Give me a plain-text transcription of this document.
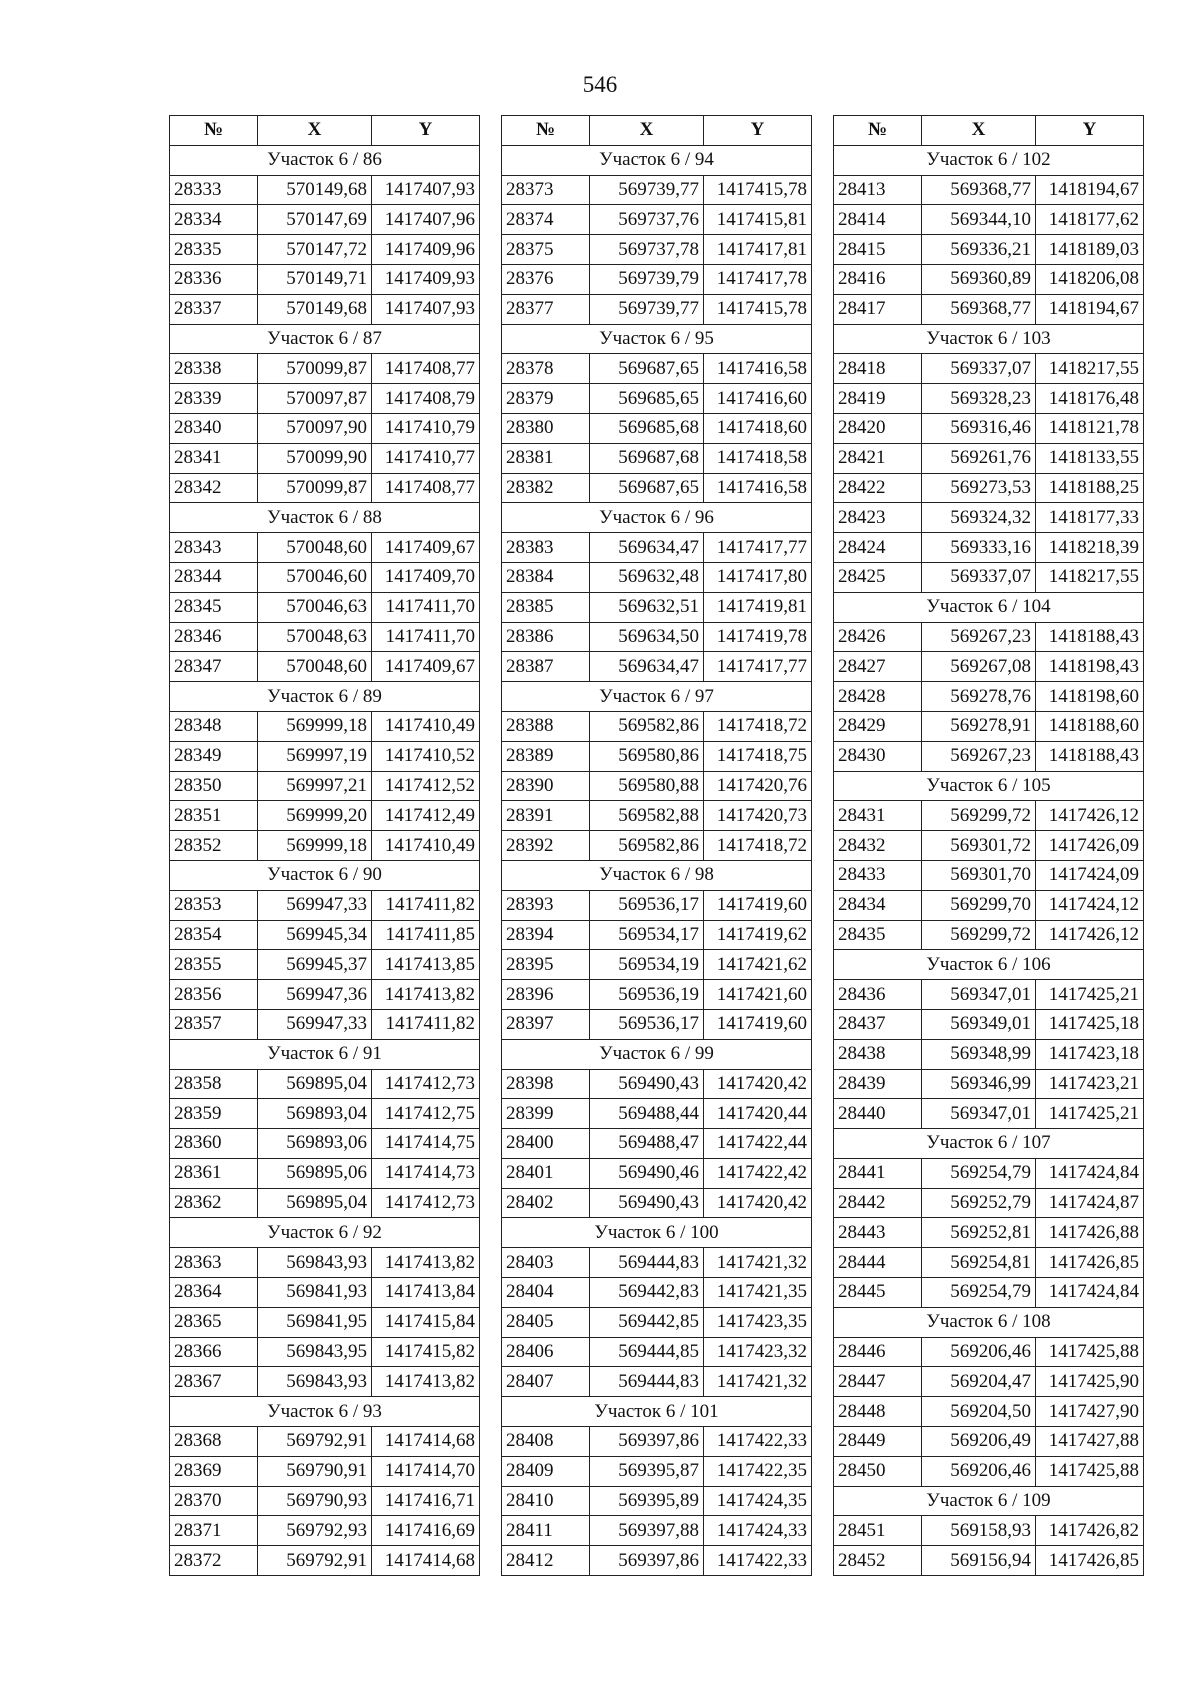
546
№	X	Y
Участок 6 / 86		
28333	570149,68	1417407,93
28334	570147,69	1417407,96
28335	570147,72	1417409,96
28336	570149,71	1417409,93
28337	570149,68	1417407,93
Участок 6 / 87		
28338	570099,87	1417408,77
28339	570097,87	1417408,79
28340	570097,90	1417410,79
28341	570099,90	1417410,77
28342	570099,87	1417408,77
Участок 6 / 88		
28343	570048,60	1417409,67
28344	570046,60	1417409,70
28345	570046,63	1417411,70
28346	570048,63	1417411,70
28347	570048,60	1417409,67
Участок 6 / 89		
28348	569999,18	1417410,49
28349	569997,19	1417410,52
28350	569997,21	1417412,52
28351	569999,20	1417412,49
28352	569999,18	1417410,49
Участок 6 / 90		
28353	569947,33	1417411,82
28354	569945,34	1417411,85
28355	569945,37	1417413,85
28356	569947,36	1417413,82
28357	569947,33	1417411,82
Участок 6 / 91		
28358	569895,04	1417412,73
28359	569893,04	1417412,75
28360	569893,06	1417414,75
28361	569895,06	1417414,73
28362	569895,04	1417412,73
Участок 6 / 92		
28363	569843,93	1417413,82
28364	569841,93	1417413,84
28365	569841,95	1417415,84
28366	569843,95	1417415,82
28367	569843,93	1417413,82
Участок 6 / 93		
28368	569792,91	1417414,68
28369	569790,91	1417414,70
28370	569790,93	1417416,71
28371	569792,93	1417416,69
28372	569792,91	1417414,68
№	X	Y
Участок 6 / 94		
28373	569739,77	1417415,78
28374	569737,76	1417415,81
28375	569737,78	1417417,81
28376	569739,79	1417417,78
28377	569739,77	1417415,78
Участок 6 / 95		
28378	569687,65	1417416,58
28379	569685,65	1417416,60
28380	569685,68	1417418,60
28381	569687,68	1417418,58
28382	569687,65	1417416,58
Участок 6 / 96		
28383	569634,47	1417417,77
28384	569632,48	1417417,80
28385	569632,51	1417419,81
28386	569634,50	1417419,78
28387	569634,47	1417417,77
Участок 6 / 97		
28388	569582,86	1417418,72
28389	569580,86	1417418,75
28390	569580,88	1417420,76
28391	569582,88	1417420,73
28392	569582,86	1417418,72
Участок 6 / 98		
28393	569536,17	1417419,60
28394	569534,17	1417419,62
28395	569534,19	1417421,62
28396	569536,19	1417421,60
28397	569536,17	1417419,60
Участок 6 / 99		
28398	569490,43	1417420,42
28399	569488,44	1417420,44
28400	569488,47	1417422,44
28401	569490,46	1417422,42
28402	569490,43	1417420,42
Участок 6 / 100		
28403	569444,83	1417421,32
28404	569442,83	1417421,35
28405	569442,85	1417423,35
28406	569444,85	1417423,32
28407	569444,83	1417421,32
Участок 6 / 101		
28408	569397,86	1417422,33
28409	569395,87	1417422,35
28410	569395,89	1417424,35
28411	569397,88	1417424,33
28412	569397,86	1417422,33
№	X	Y
Участок 6 / 102		
28413	569368,77	1418194,67
28414	569344,10	1418177,62
28415	569336,21	1418189,03
28416	569360,89	1418206,08
28417	569368,77	1418194,67
Участок 6 / 103		
28418	569337,07	1418217,55
28419	569328,23	1418176,48
28420	569316,46	1418121,78
28421	569261,76	1418133,55
28422	569273,53	1418188,25
28423	569324,32	1418177,33
28424	569333,16	1418218,39
28425	569337,07	1418217,55
Участок 6 / 104		
28426	569267,23	1418188,43
28427	569267,08	1418198,43
28428	569278,76	1418198,60
28429	569278,91	1418188,60
28430	569267,23	1418188,43
Участок 6 / 105		
28431	569299,72	1417426,12
28432	569301,72	1417426,09
28433	569301,70	1417424,09
28434	569299,70	1417424,12
28435	569299,72	1417426,12
Участок 6 / 106		
28436	569347,01	1417425,21
28437	569349,01	1417425,18
28438	569348,99	1417423,18
28439	569346,99	1417423,21
28440	569347,01	1417425,21
Участок 6 / 107		
28441	569254,79	1417424,84
28442	569252,79	1417424,87
28443	569252,81	1417426,88
28444	569254,81	1417426,85
28445	569254,79	1417424,84
Участок 6 / 108		
28446	569206,46	1417425,88
28447	569204,47	1417425,90
28448	569204,50	1417427,90
28449	569206,49	1417427,88
28450	569206,46	1417425,88
Участок 6 / 109		
28451	569158,93	1417426,82
28452	569156,94	1417426,85
